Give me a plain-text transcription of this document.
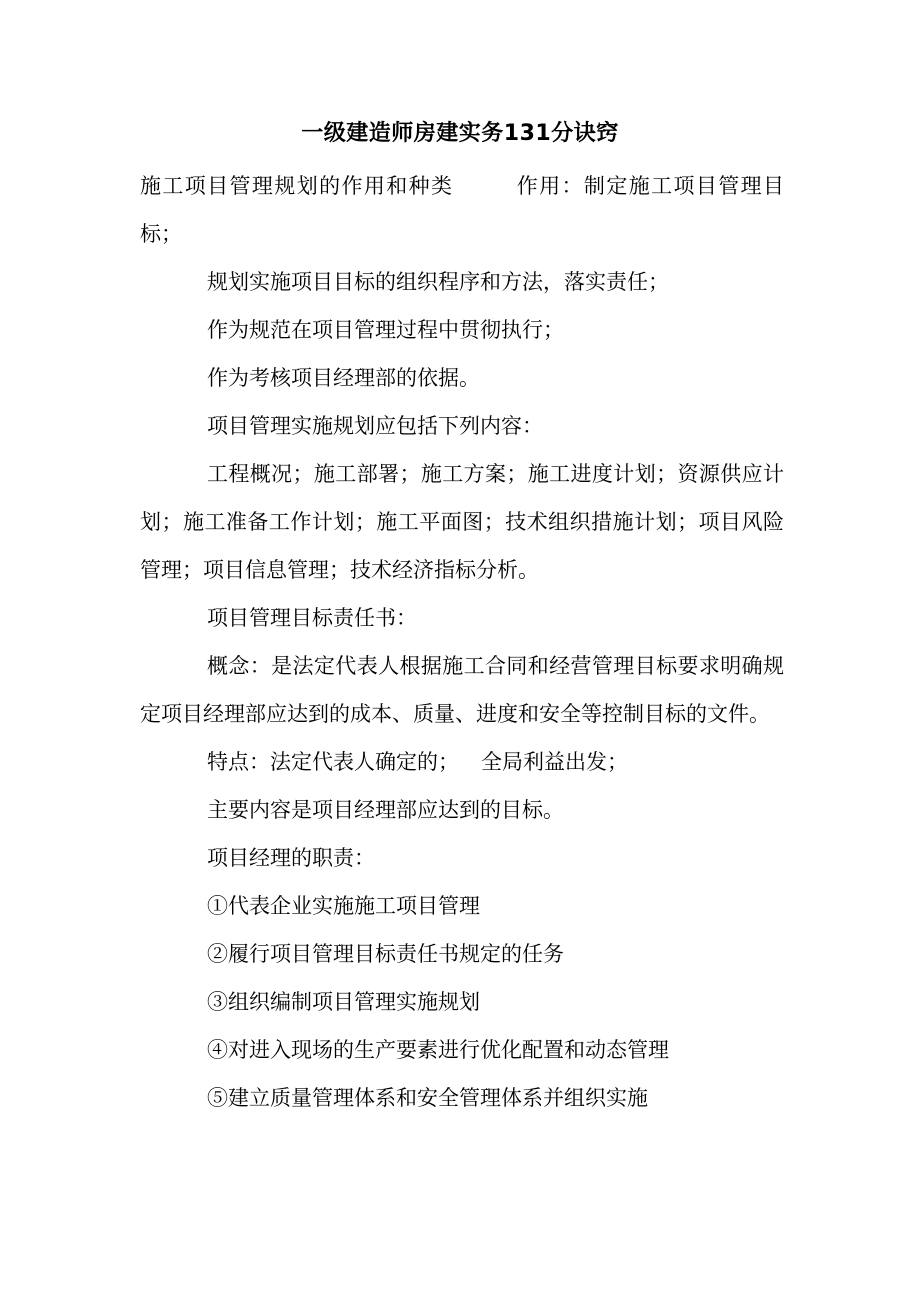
一级建造师房建实务131分诀窍

施工项目管理规划的作用和种类	作用：制定施工项目管理目标；

规划实施项目目标的组织程序和方法，落实责任；

作为规范在项目管理过程中贯彻执行；

作为考核项目经理部的依据。

项目管理实施规划应包括下列内容：

工程概况；施工部署；施工方案；施工进度计划；资源供应计划；施工准备工作计划；施工平面图；技术组织措施计划；项目风险管理；项目信息管理；技术经济指标分析。

项目管理目标责任书：

概念：是法定代表人根据施工合同和经营管理目标要求明确规定项目经理部应达到的成本、质量、进度和安全等控制目标的文件。

特点：法定代表人确定的； 全局利益出发；

主要内容是项目经理部应达到的目标。

项目经理的职责：

①代表企业实施施工项目管理

②履行项目管理目标责任书规定的任务

③组织编制项目管理实施规划

④对进入现场的生产要素进行优化配置和动态管理

⑤建立质量管理体系和安全管理体系并组织实施
